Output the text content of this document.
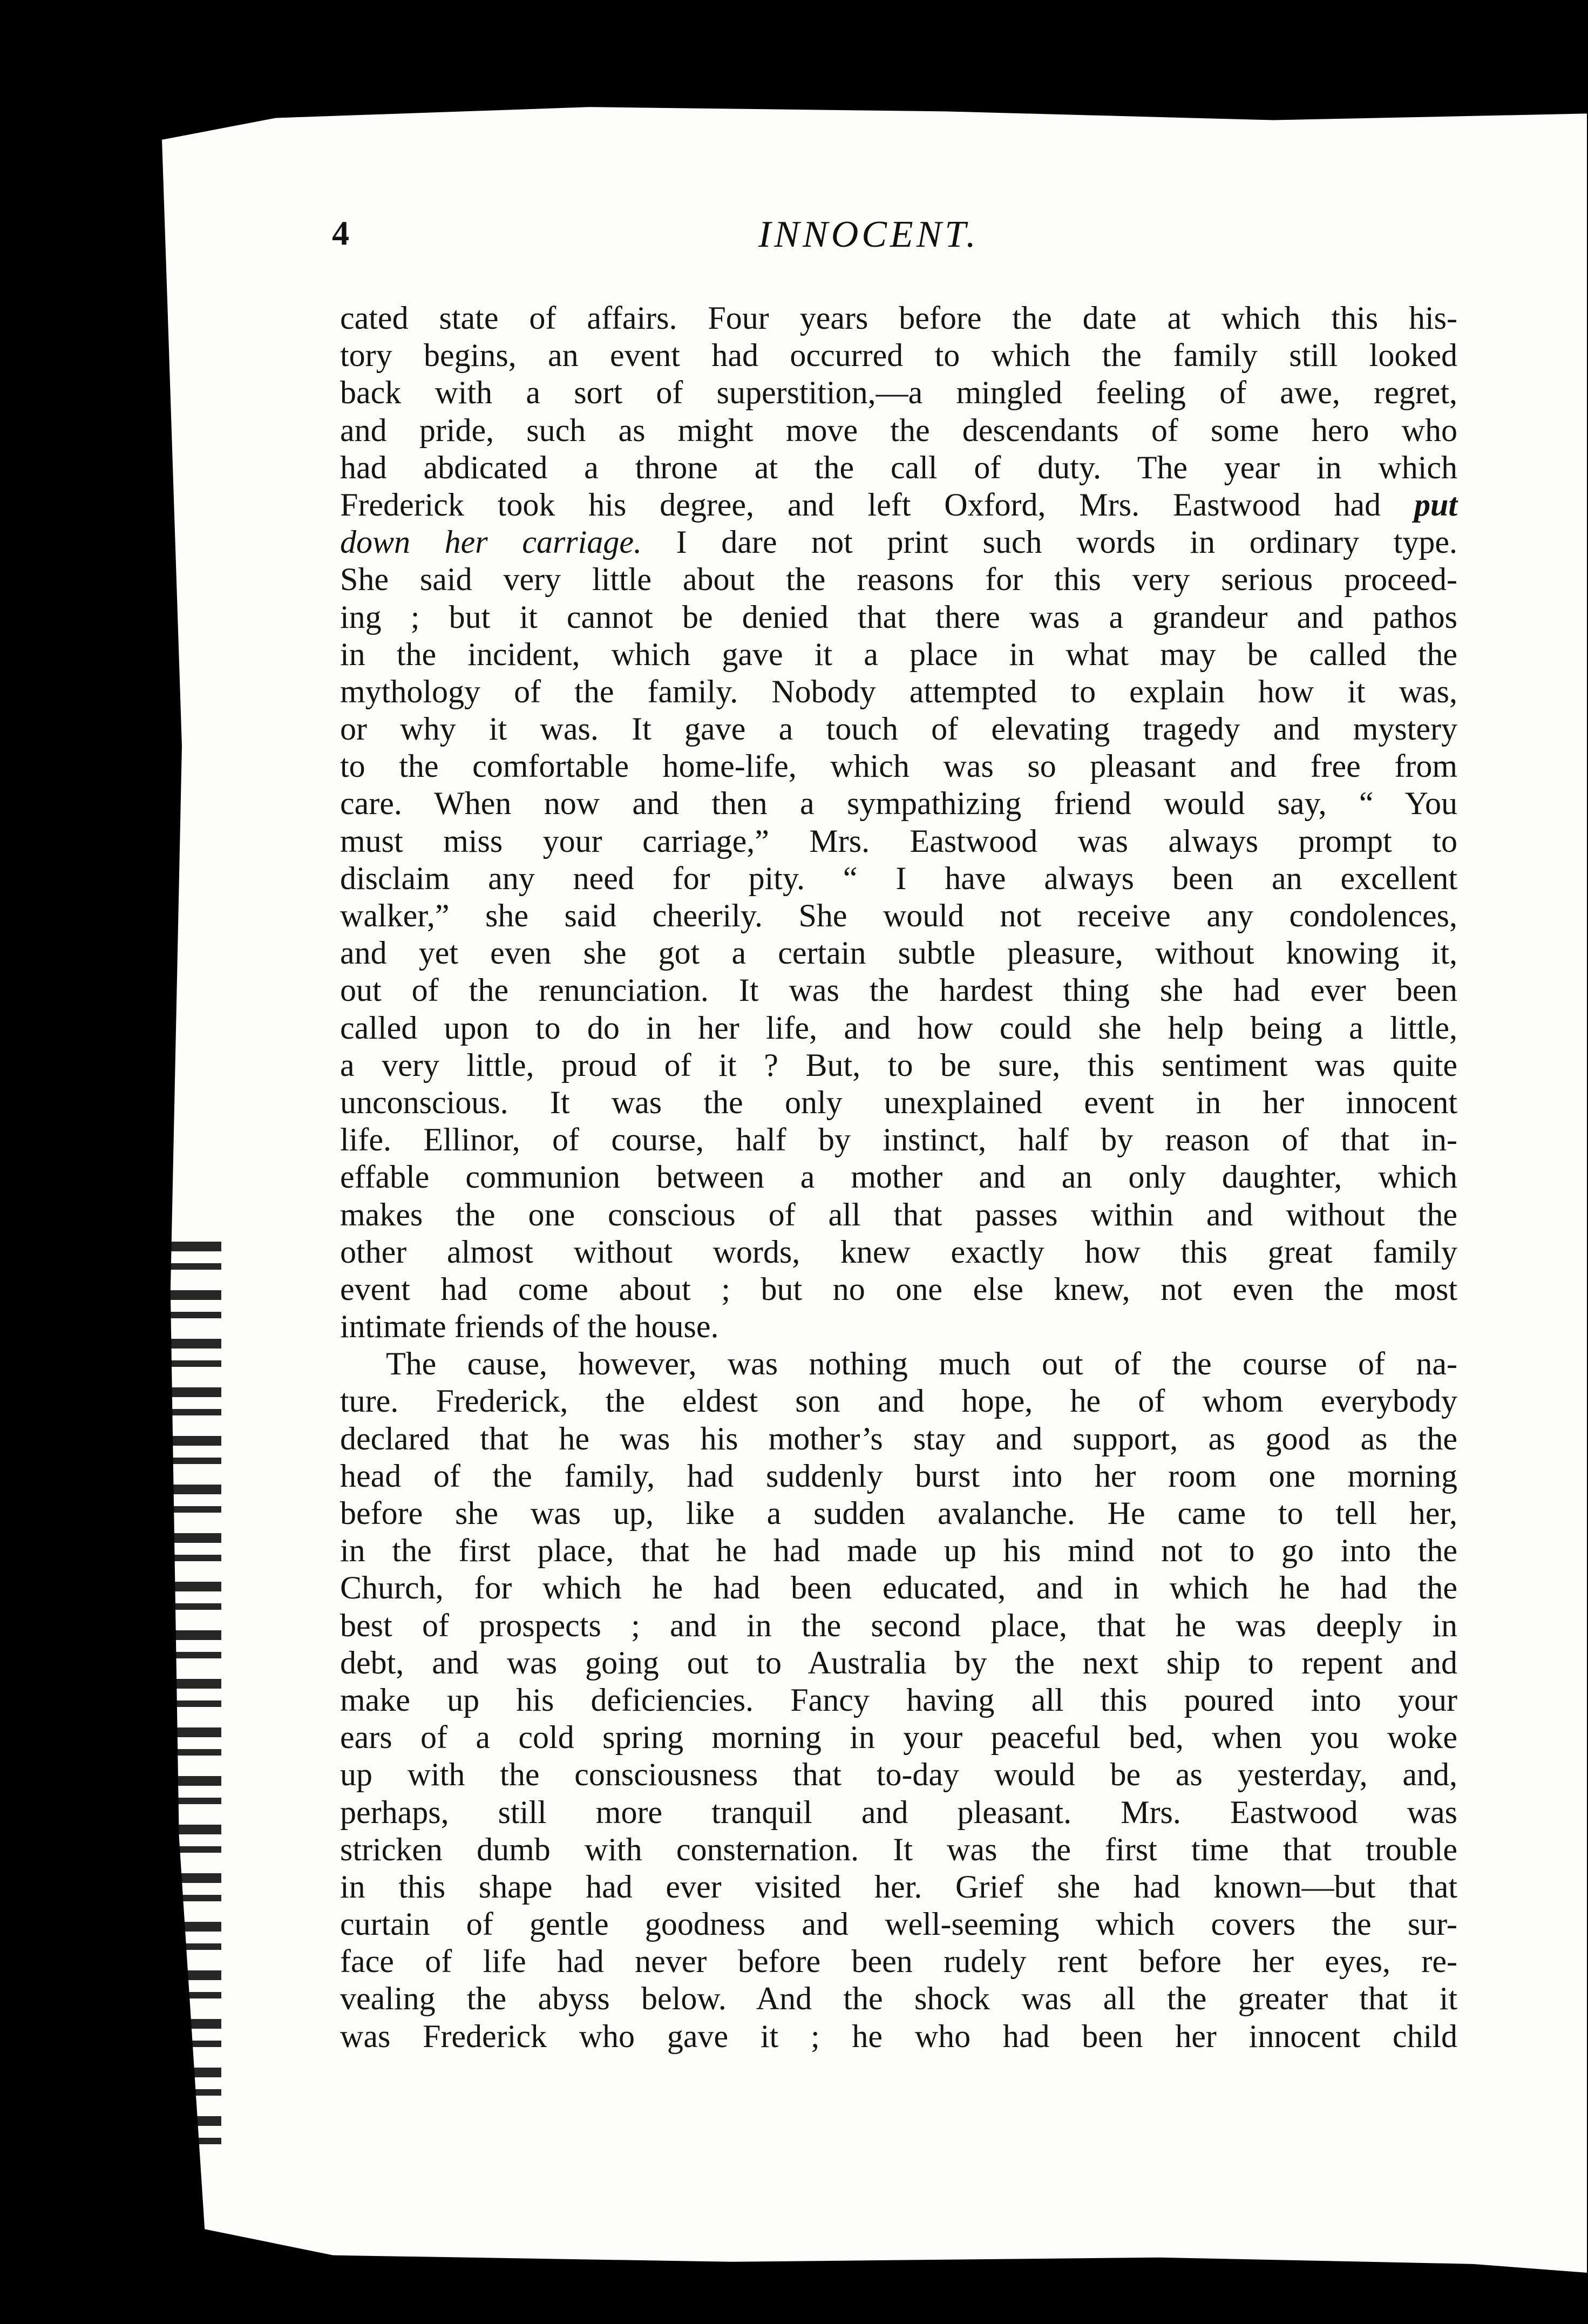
4	INNOCENT.
cated state of affairs. Four years before the date at which this his-
tory begins, an event had occurred to which the family still looked
back with a sort of superstition,—a mingled feeling of awe, regret,
and pride, such as might move the descendants of some hero who
had abdicated a throne at the call of duty. The year in which
Frederick took his degree, and left Oxford, Mrs. Eastwood had put
down her carriage. I dare not print such words in ordinary type.
She said very little about the reasons for this very serious proceed-
ing ; but it cannot be denied that there was a grandeur and pathos
in the incident, which gave it a place in what may be called the
mythology of the family. Nobody attempted to explain how it was,
or why it was. It gave a touch of elevating tragedy and mystery
to the comfortable home-life, which was so pleasant and free from
care. When now and then a sympathizing friend would say, “ You
must miss your carriage,” Mrs. Eastwood was always prompt to
disclaim any need for pity. “ I have always been an excellent
walker,” she said cheerily. She would not receive any condolences,
and yet even she got a certain subtle pleasure, without knowing it,
out of the renunciation. It was the hardest thing she had ever been
called upon to do in her life, and how could she help being a little,
a very little, proud of it ? But, to be sure, this sentiment was quite
unconscious. It was the only unexplained event in her innocent
life. Ellinor, of course, half by instinct, half by reason of that in-
effable communion between a mother and an only daughter, which
makes the one conscious of all that passes within and without the
other almost without words, knew exactly how this great family
event had come about ; but no one else knew, not even the most
intimate friends of the house.
The cause, however, was nothing much out of the course of na-
ture. Frederick, the eldest son and hope, he of whom everybody
declared that he was his mother’s stay and support, as good as the
head of the family, had suddenly burst into her room one morning
before she was up, like a sudden avalanche. He came to tell her,
in the first place, that he had made up his mind not to go into the
Church, for which he had been educated, and in which he had the
best of prospects ; and in the second place, that he was deeply in
debt, and was going out to Australia by the next ship to repent and
make up his deficiencies. Fancy having all this poured into your
ears of a cold spring morning in your peaceful bed, when you woke
up with the consciousness that to-day would be as yesterday, and,
perhaps, still more tranquil and pleasant. Mrs. Eastwood was
stricken dumb with consternation. It was the first time that trouble
in this shape had ever visited her. Grief she had known—but that
curtain of gentle goodness and well-seeming which covers the sur-
face of life had never before been rudely rent before her eyes, re-
vealing the abyss below. And the shock was all the greater that it
was Frederick who gave it ; he who had been her innocent child
